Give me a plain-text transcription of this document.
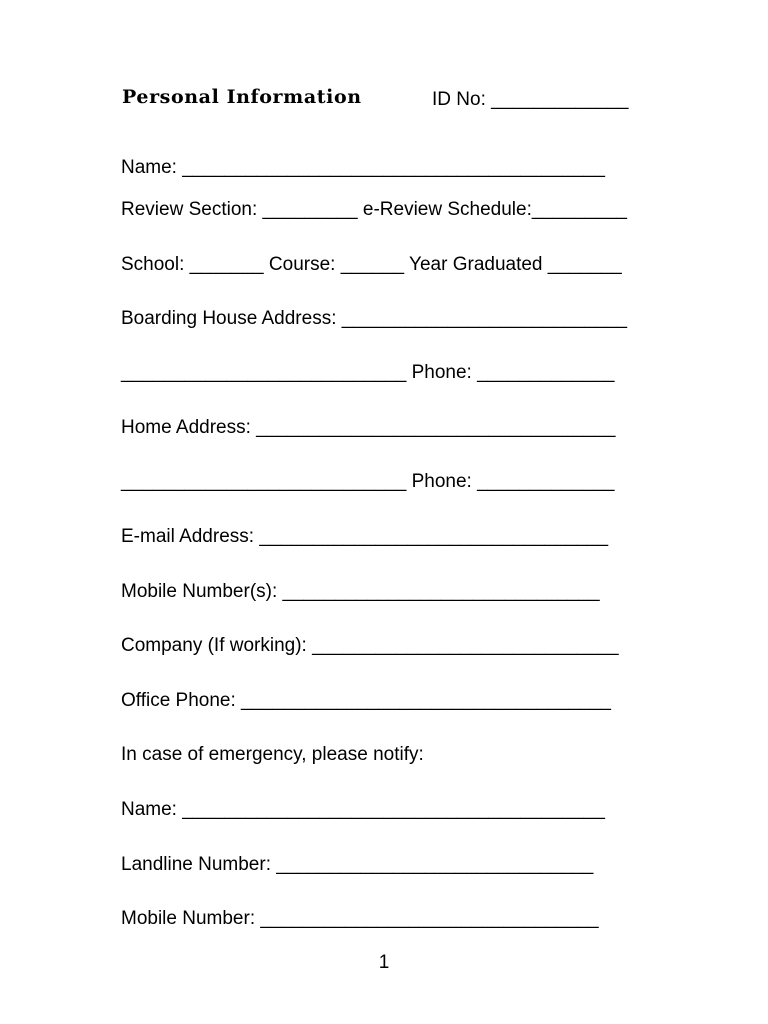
Personal Information	ID No: _____________
Name: ________________________________________
Review Section: _________ e-Review Schedule:_________
School: _______ Course: ______ Year Graduated _______
Boarding House Address: ___________________________
___________________________ Phone: _____________
Home Address: __________________________________
___________________________ Phone: _____________
E-mail Address: _________________________________
Mobile Number(s): ______________________________
Company (If working): _____________________________
Office Phone: ___________________________________
In case of emergency, please notify:
Name: ________________________________________
Landline Number: ______________________________
Mobile Number: ________________________________
1
